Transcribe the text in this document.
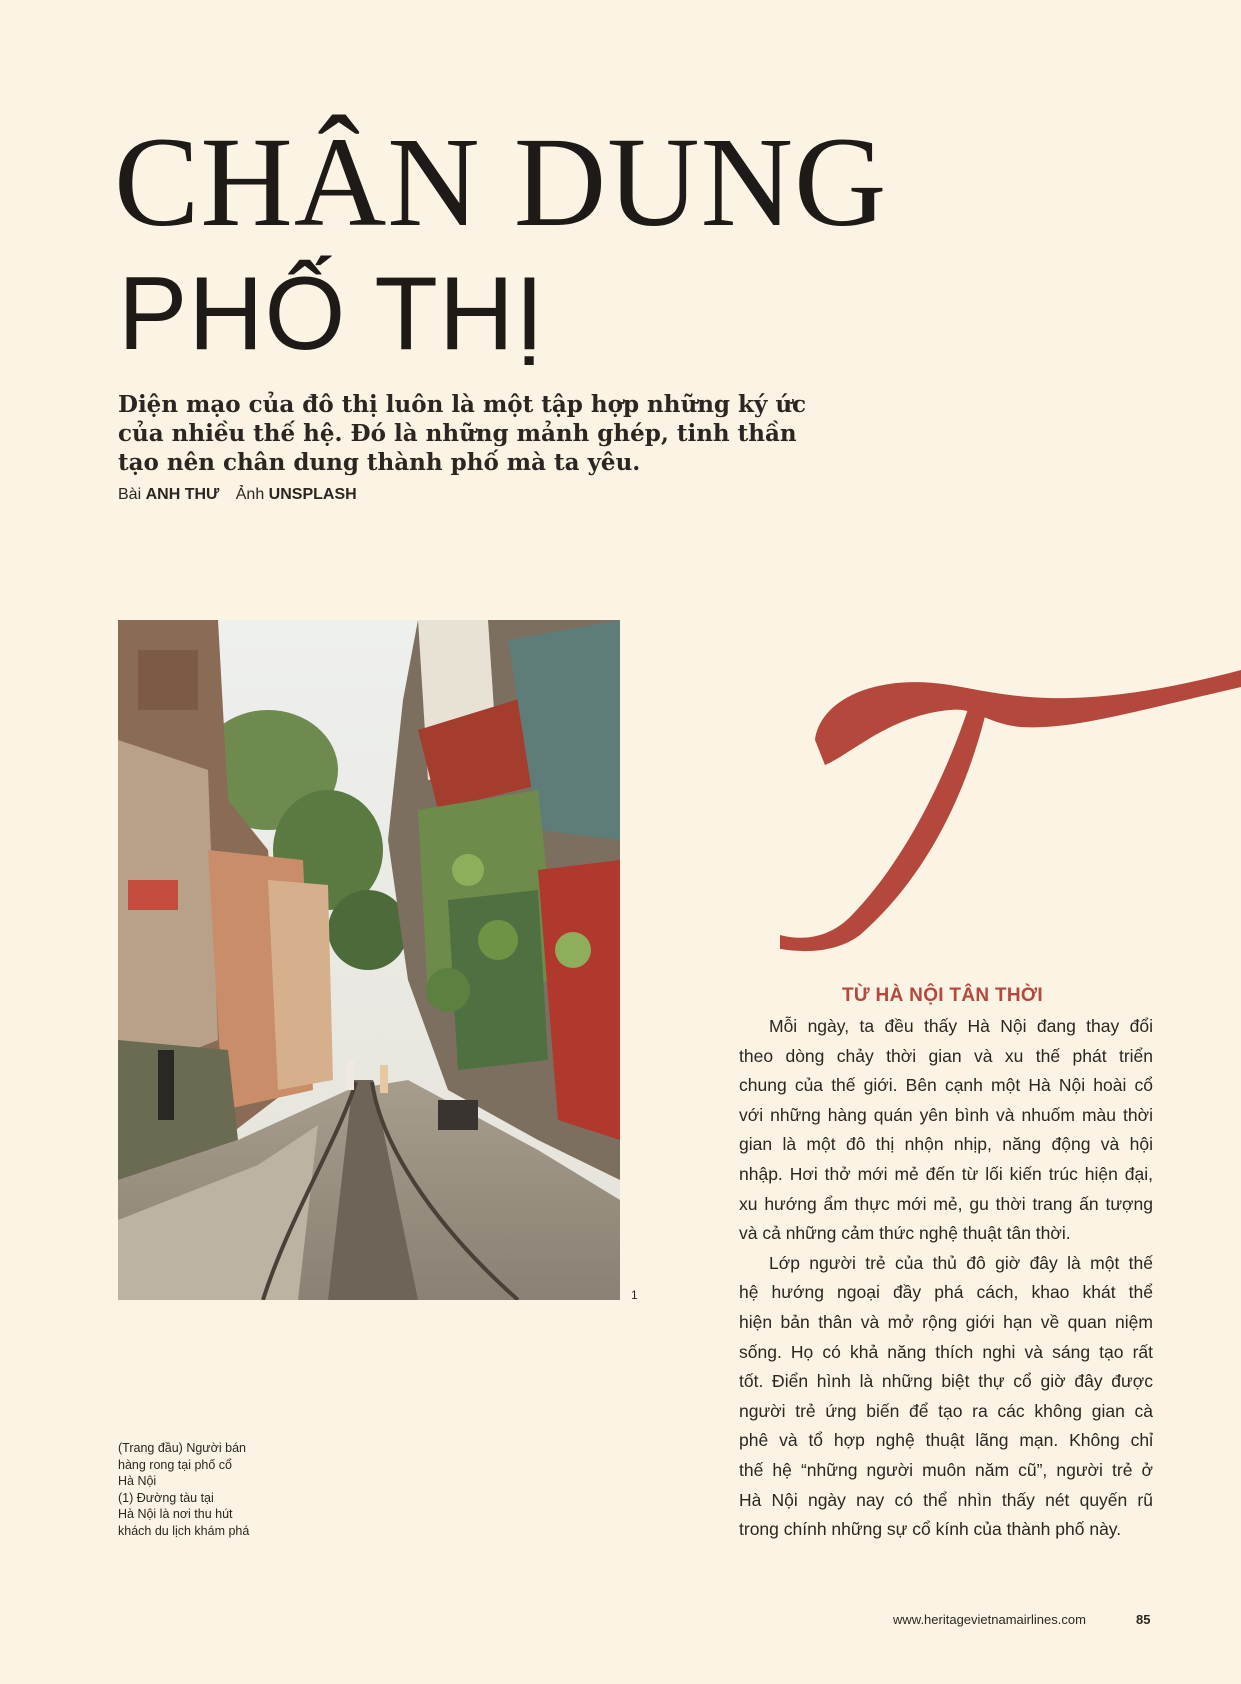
CHÂN DUNG
PHỐ THỊ
Diện mạo của đô thị luôn là một tập hợp những ký ức
của nhiều thế hệ. Đó là những mảnh ghép, tinh thần
tạo nên chân dung thành phố mà ta yêu.
Bài ANH THƯ Ảnh UNSPLASH
1
(Trang đầu) Người bán
hàng rong tại phố cổ
Hà Nội
(1) Đường tàu tại
Hà Nội là nơi thu hút
khách du lịch khám phá
TỪ HÀ NỘI TÂN THỜI
Mỗi ngày, ta đều thấy Hà Nội đang thay đổi
theo dòng chảy thời gian và xu thế phát triển
chung của thế giới. Bên cạnh một Hà Nội hoài cổ
với những hàng quán yên bình và nhuốm màu thời
gian là một đô thị nhộn nhịp, năng động và hội
nhập. Hơi thở mới mẻ đến từ lối kiến trúc hiện đại,
xu hướng ẩm thực mới mẻ, gu thời trang ấn tượng
và cả những cảm thức nghệ thuật tân thời.
Lớp người trẻ của thủ đô giờ đây là một thế
hệ hướng ngoại đầy phá cách, khao khát thể
hiện bản thân và mở rộng giới hạn về quan niệm
sống. Họ có khả năng thích nghi và sáng tạo rất
tốt. Điển hình là những biệt thự cổ giờ đây được
người trẻ ứng biến để tạo ra các không gian cà
phê và tổ hợp nghệ thuật lãng mạn. Không chỉ
thế hệ “những người muôn năm cũ”, người trẻ ở
Hà Nội ngày nay có thể nhìn thấy nét quyến rũ
trong chính những sự cổ kính của thành phố này.
www.heritagevietnamairlines.com	85
